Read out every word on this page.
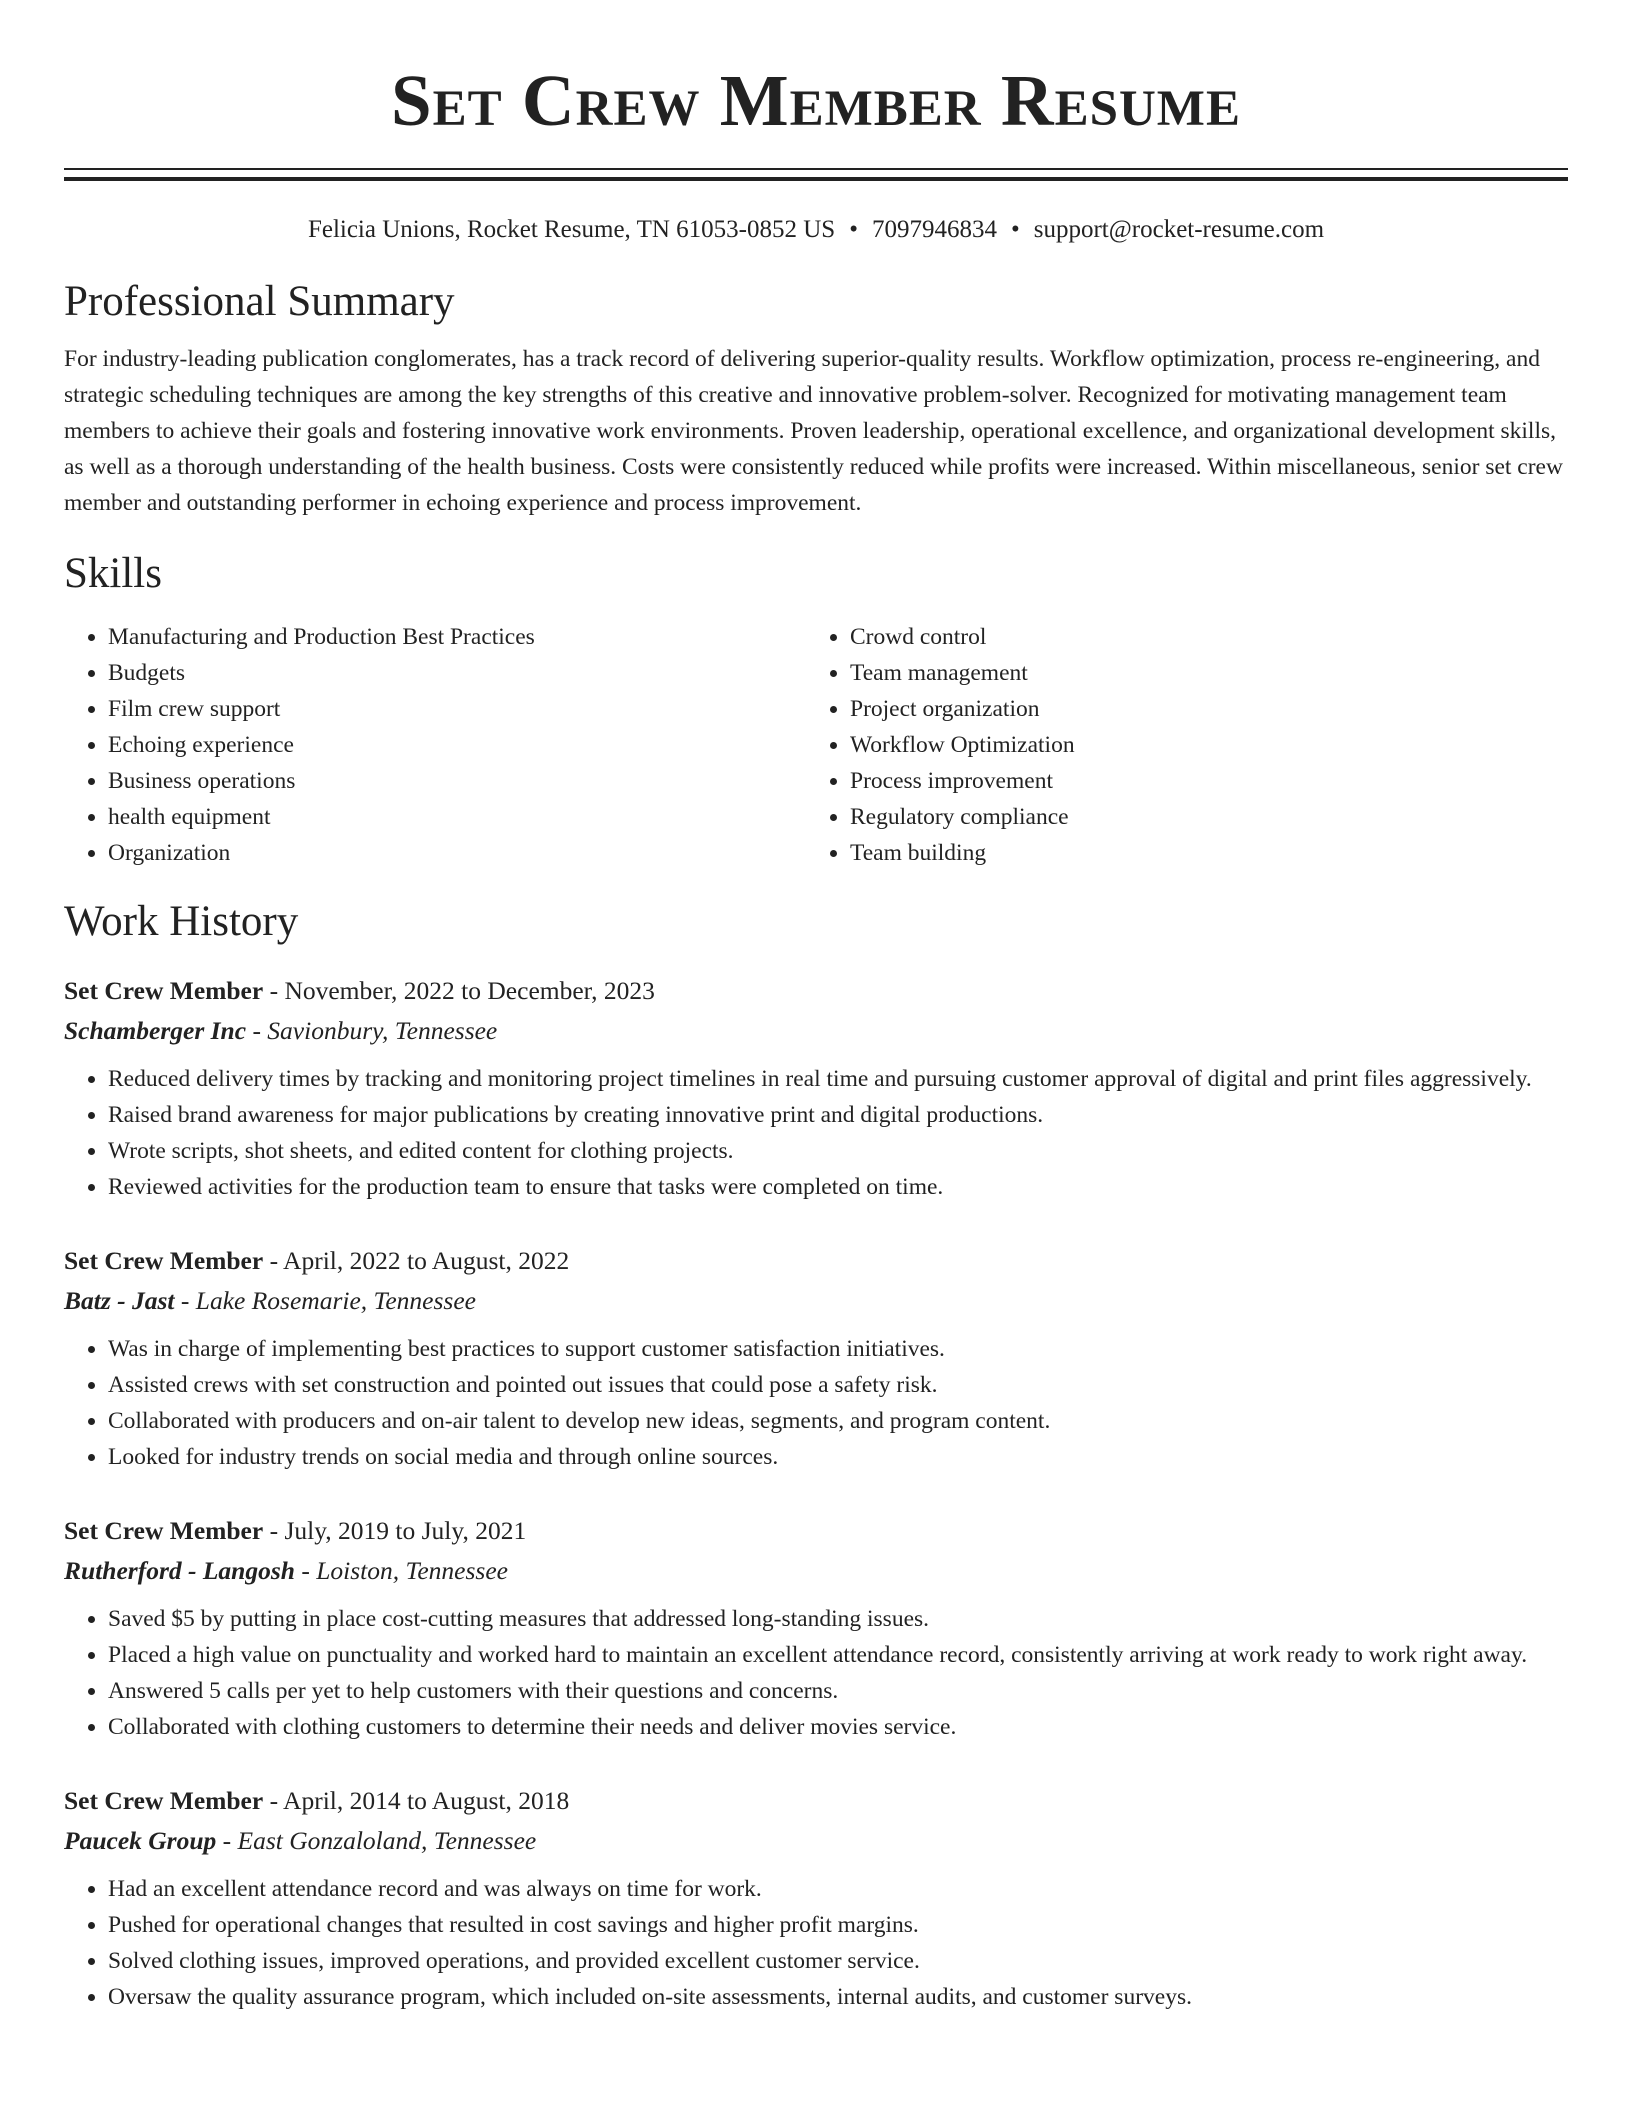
Set Crew Member Resume
Felicia Unions, Rocket Resume, TN 61053-0852 US • 7097946834 • support@rocket-resume.com
Professional Summary
For industry-leading publication conglomerates, has a track record of delivering superior-quality results. Workflow optimization, process re-engineering, and strategic scheduling techniques are among the key strengths of this creative and innovative problem-solver. Recognized for motivating management team members to achieve their goals and fostering innovative work environments. Proven leadership, operational excellence, and organizational development skills, as well as a thorough understanding of the health business. Costs were consistently reduced while profits were increased. Within miscellaneous, senior set crew member and outstanding performer in echoing experience and process improvement.
Skills
• Manufacturing and Production Best Practices
• Budgets
• Film crew support
• Echoing experience
• Business operations
• health equipment
• Organization
• Crowd control
• Team management
• Project organization
• Workflow Optimization
• Process improvement
• Regulatory compliance
• Team building
Work History
Set Crew Member - November, 2022 to December, 2023
Schamberger Inc - Savionbury, Tennessee
• Reduced delivery times by tracking and monitoring project timelines in real time and pursuing customer approval of digital and print files aggressively.
• Raised brand awareness for major publications by creating innovative print and digital productions.
• Wrote scripts, shot sheets, and edited content for clothing projects.
• Reviewed activities for the production team to ensure that tasks were completed on time.
Set Crew Member - April, 2022 to August, 2022
Batz - Jast - Lake Rosemarie, Tennessee
• Was in charge of implementing best practices to support customer satisfaction initiatives.
• Assisted crews with set construction and pointed out issues that could pose a safety risk.
• Collaborated with producers and on-air talent to develop new ideas, segments, and program content.
• Looked for industry trends on social media and through online sources.
Set Crew Member - July, 2019 to July, 2021
Rutherford - Langosh - Loiston, Tennessee
• Saved $5 by putting in place cost-cutting measures that addressed long-standing issues.
• Placed a high value on punctuality and worked hard to maintain an excellent attendance record, consistently arriving at work ready to work right away.
• Answered 5 calls per yet to help customers with their questions and concerns.
• Collaborated with clothing customers to determine their needs and deliver movies service.
Set Crew Member - April, 2014 to August, 2018
Paucek Group - East Gonzaloland, Tennessee
• Had an excellent attendance record and was always on time for work.
• Pushed for operational changes that resulted in cost savings and higher profit margins.
• Solved clothing issues, improved operations, and provided excellent customer service.
• Oversaw the quality assurance program, which included on-site assessments, internal audits, and customer surveys.
